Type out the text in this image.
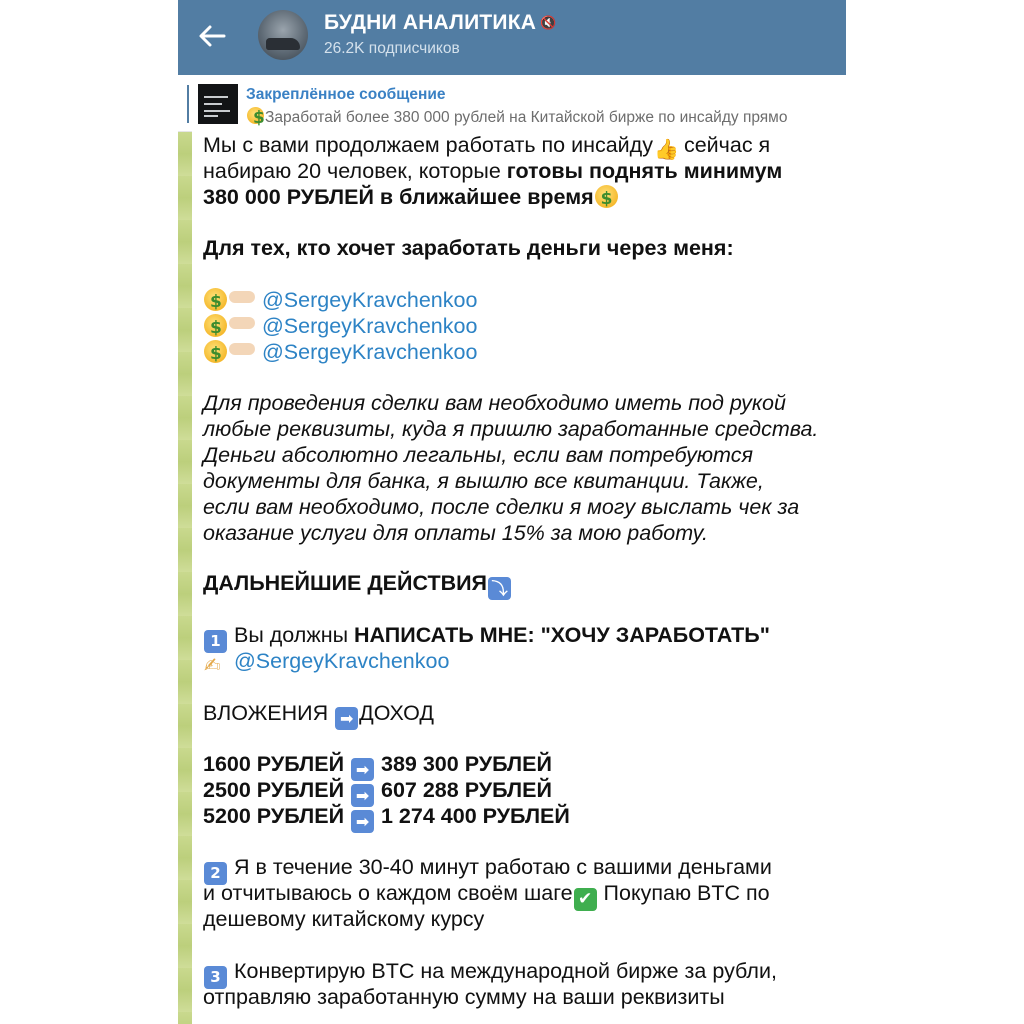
БУДНИ АНАЛИТИКА 🔇
26.2K подписчиков
Закреплённое сообщение
$Заработай более 380 000 рублей на Китайской бирже по инсайду прямо
Мы с вами продолжаем работать по инсайду👍 сейчас я
набираю 20 человек, которые готовы поднять минимум
380 000 РУБЛЕЙ в ближайшее время$
Для тех, кто хочет заработать деньги через меня:
$ @SergeyKravchenkoo
$ @SergeyKravchenkoo
$ @SergeyKravchenkoo
Для проведения сделки вам необходимо иметь под рукой
любые реквизиты, куда я пришлю заработанные средства.
Деньги абсолютно легальны, если вам потребуются
документы для банка, я вышлю все квитанции. Также,
если вам необходимо, после сделки я могу выслать чек за
оказание услуги для оплаты 15% за мою работу.
ДАЛЬНЕЙШИЕ ДЕЙСТВИЯ ⤵
1 Вы должны НАПИСАТЬ МНЕ: "ХОЧУ ЗАРАБОТАТЬ"
✍ @SergeyKravchenkoo
ВЛОЖЕНИЯ ➡ ДОХОД
1600 РУБЛЕЙ ➡ 389 300 РУБЛЕЙ
2500 РУБЛЕЙ ➡ 607 288 РУБЛЕЙ
5200 РУБЛЕЙ ➡ 1 274 400 РУБЛЕЙ
2 Я в течение 30-40 минут работаю с вашими деньгами
и отчитываюсь о каждом своём шаге ✔ Покупаю BTC по
дешевому китайскому курсу
3 Конвертирую BTC на международной бирже за рубли,
отправляю заработанную сумму на ваши реквизиты
